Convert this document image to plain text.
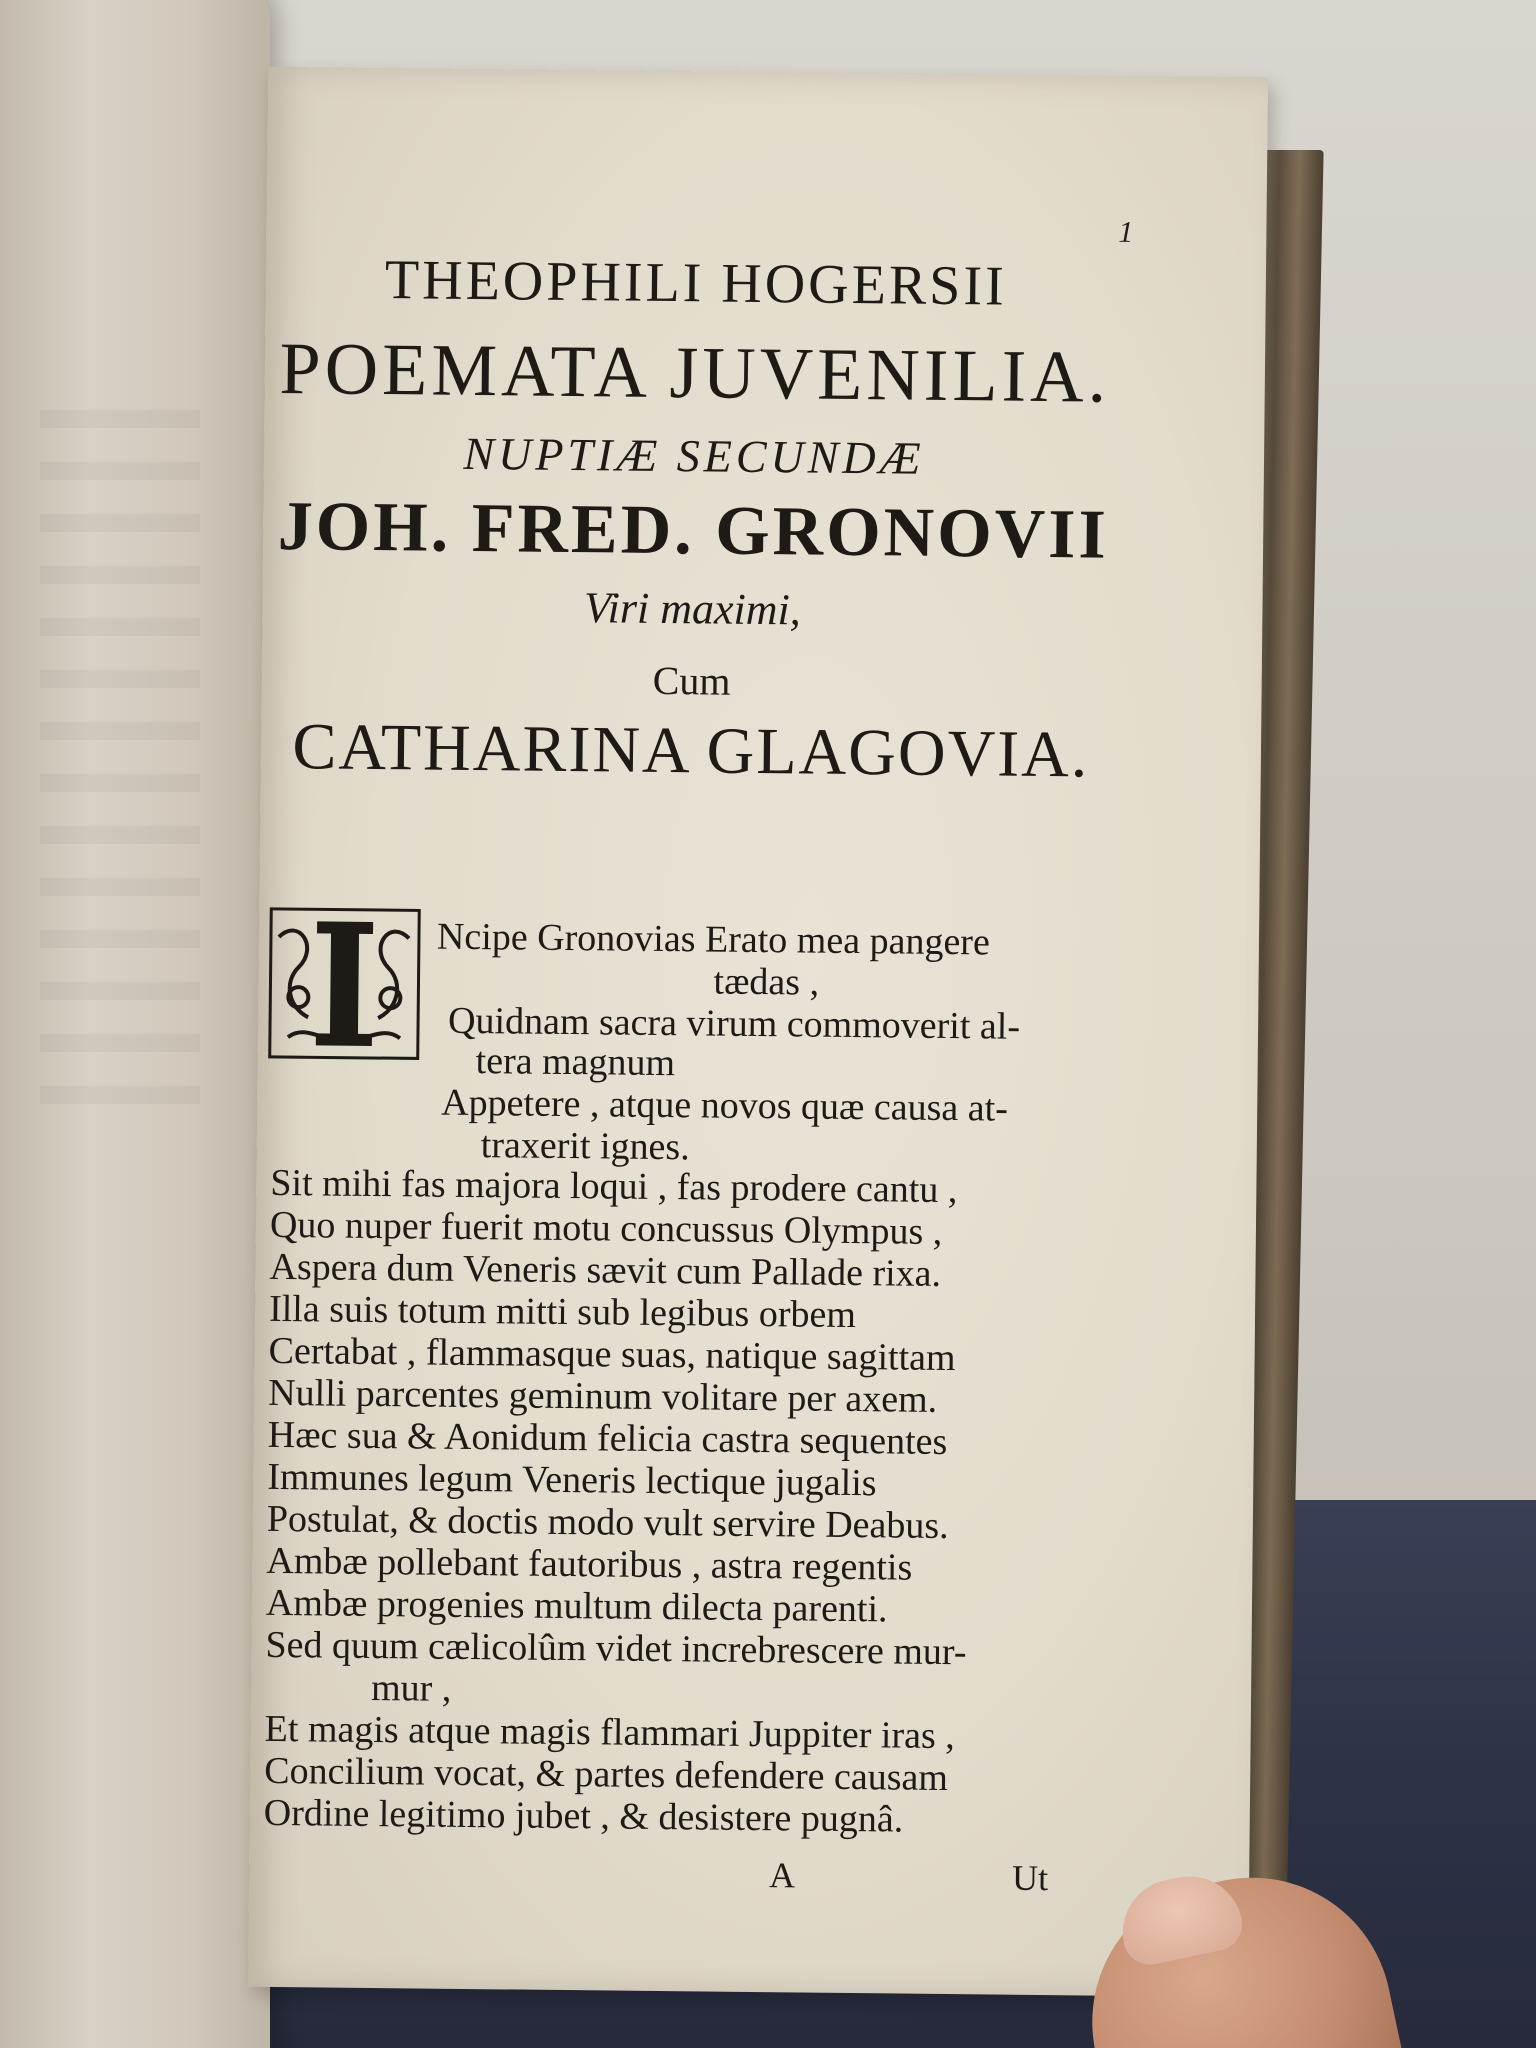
1
THEOPHILI HOGERSII
POEMATA JUVENILIA.
NUPTIÆ SECUNDÆ
JOH. FRED. GRONOVII
Viri maximi,
Cum
CATHARINA GLAGOVIA.
Ncipe Gronovias Erato mea pangere
tædas ,
Quidnam sacra virum commoverit al-
tera magnum
Appetere , atque novos quæ causa at-
traxerit ignes.
Sit mihi fas majora loqui , fas prodere cantu ,
Quo nuper fuerit motu concussus Olympus ,
Aspera dum Veneris sævit cum Pallade rixa.
Illa suis totum mitti sub legibus orbem
Certabat , flammasque suas, natique sagittam
Nulli parcentes geminum volitare per axem.
Hæc sua & Aonidum felicia castra sequentes
Immunes legum Veneris lectique jugalis
Postulat, & doctis modo vult servire Deabus.
Ambæ pollebant fautoribus , astra regentis
Ambæ progenies multum dilecta parenti.
Sed quum cælicolûm videt increbrescere mur-
mur ,
Et magis atque magis flammari Juppiter iras ,
Concilium vocat, & partes defendere causam
Ordine legitimo jubet , & desistere pugnâ.
A	Ut
